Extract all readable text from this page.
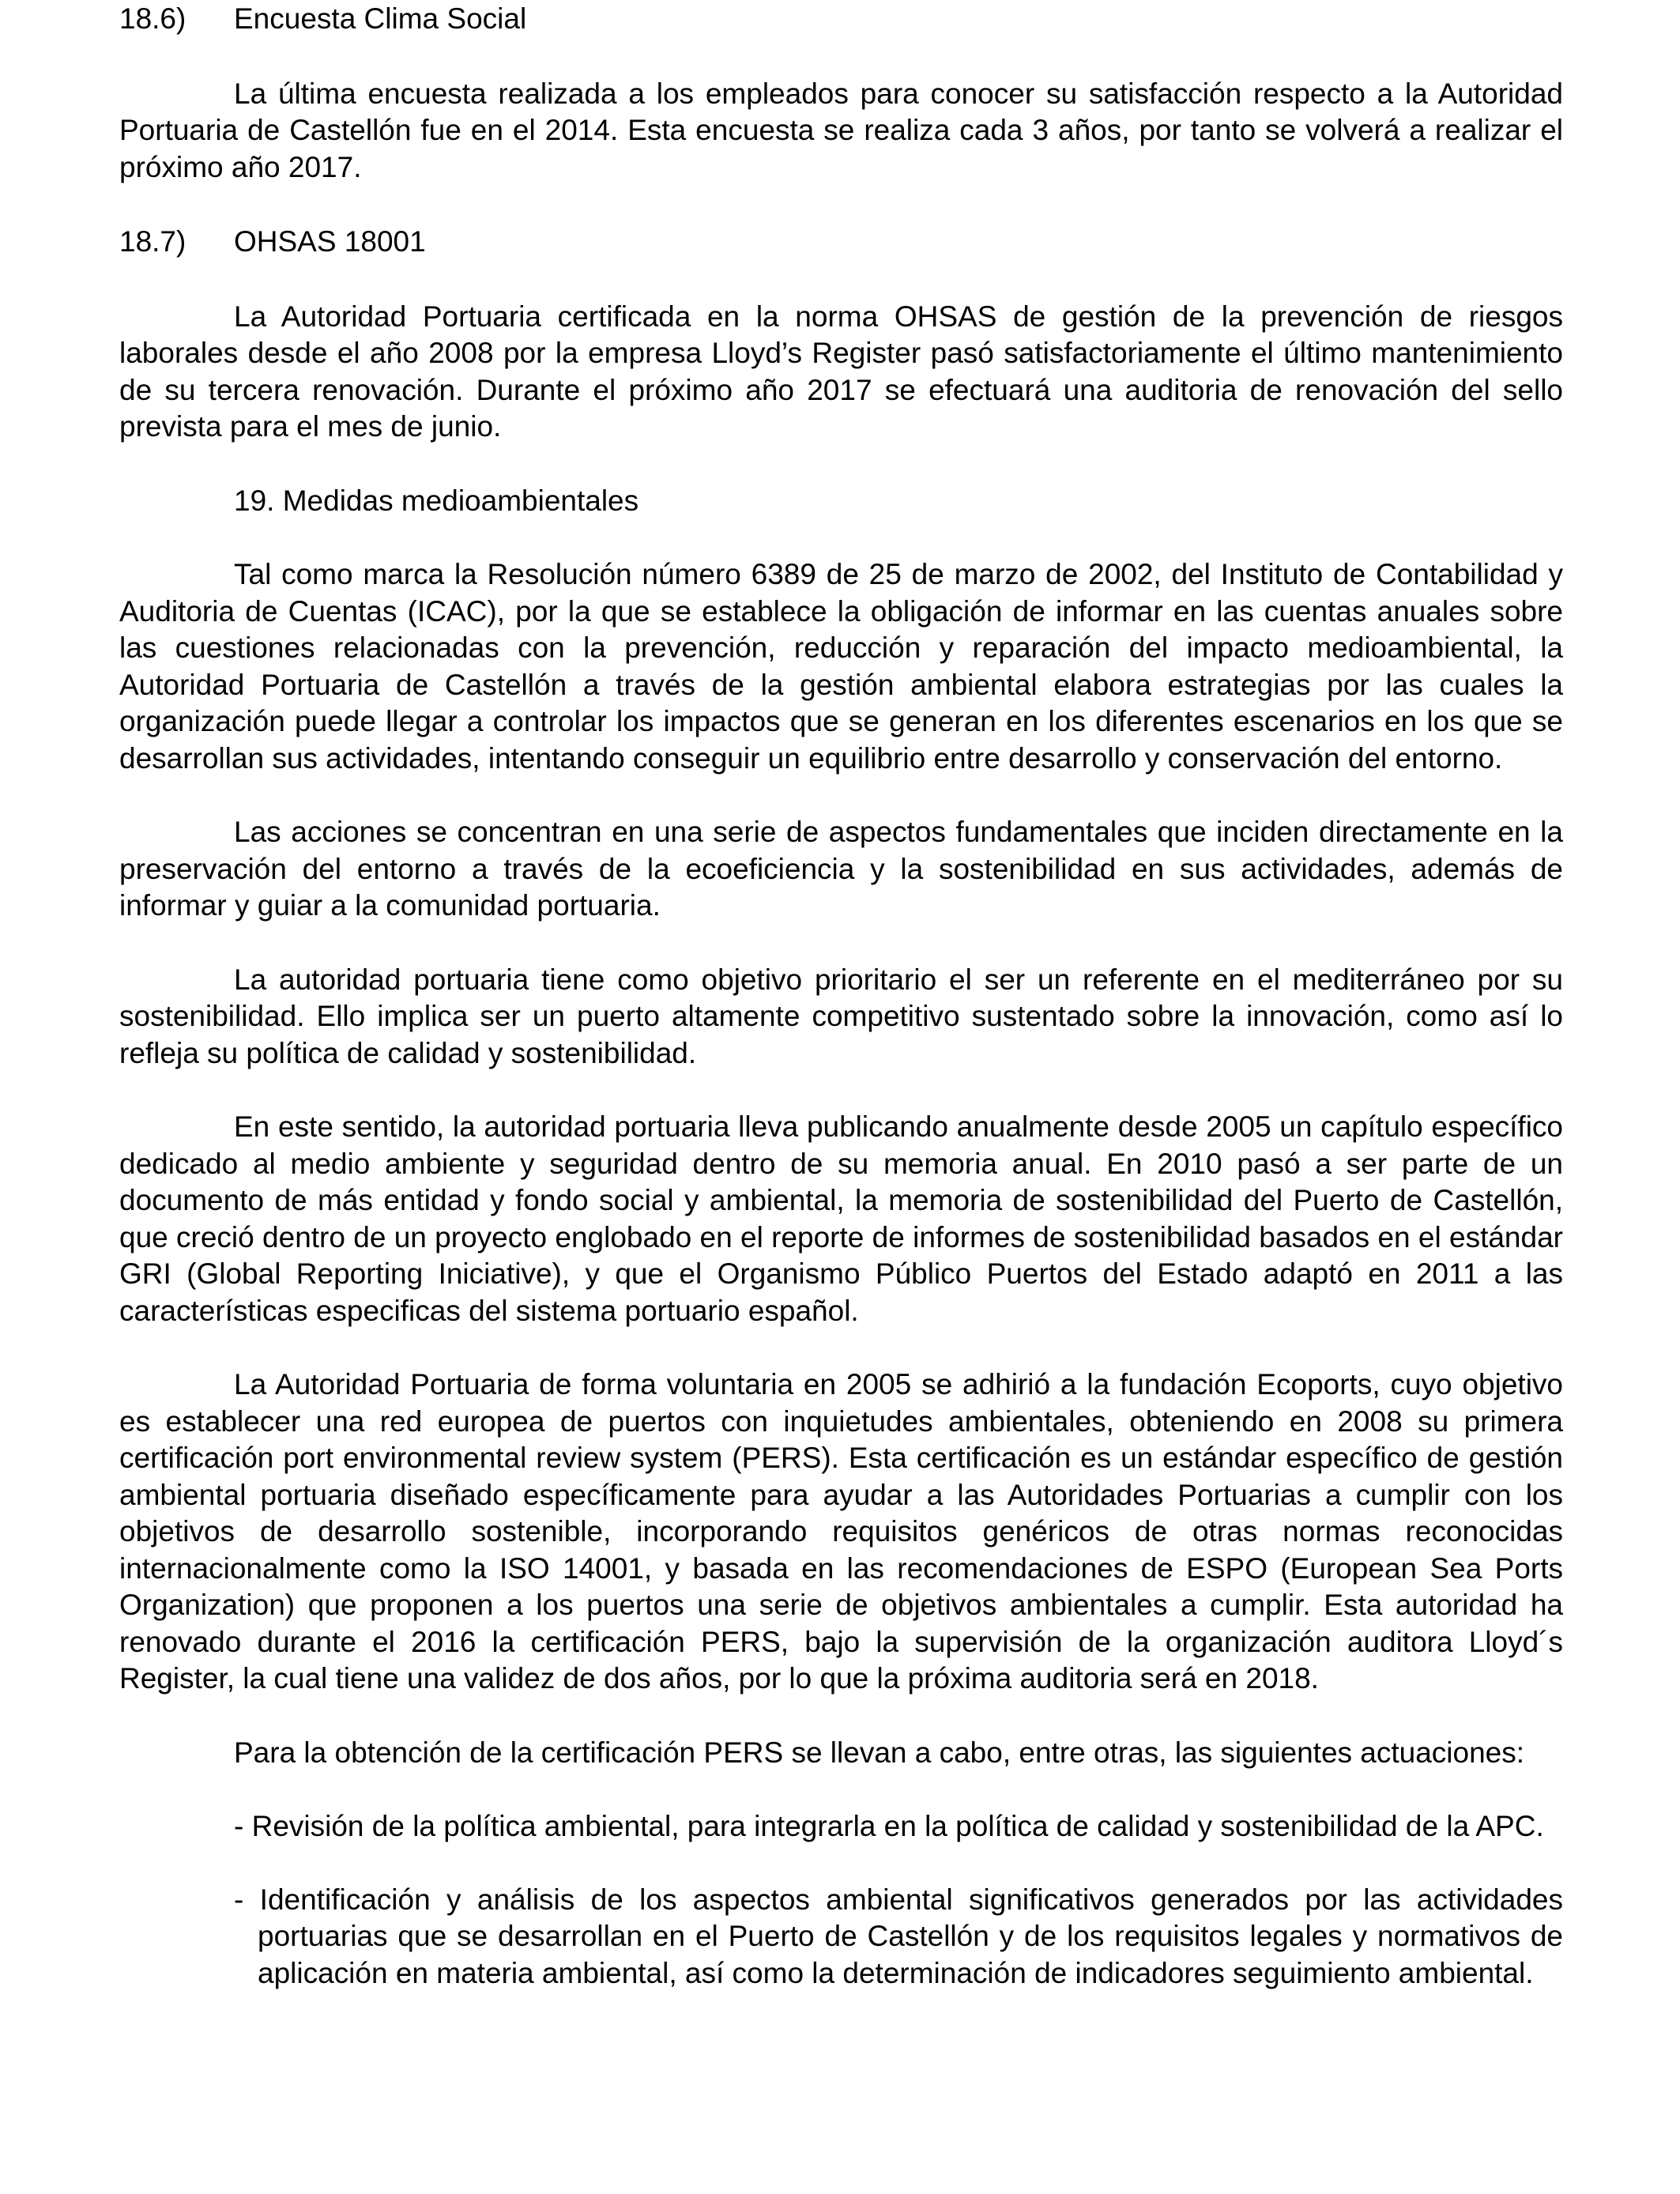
18.6) Encuesta Clima Social

La última encuesta realizada a los empleados para conocer su satisfacción respecto a la Autoridad Portuaria de Castellón fue en el 2014. Esta encuesta se realiza cada 3 años, por tanto se volverá a realizar el próximo año 2017.

18.7) OHSAS 18001

La Autoridad Portuaria certificada en la norma OHSAS de gestión de la prevención de riesgos laborales desde el año 2008 por la empresa Lloyd’s Register pasó satisfactoriamente el último mantenimiento de su tercera renovación. Durante el próximo año 2017 se efectuará una auditoria de renovación del sello prevista para el mes de junio.

19. Medidas medioambientales

Tal como marca la Resolución número 6389 de 25 de marzo de 2002, del Instituto de Contabilidad y Auditoria de Cuentas (ICAC), por la que se establece la obligación de informar en las cuentas anuales sobre las cuestiones relacionadas con la prevención, reducción y reparación del impacto medioambiental, la Autoridad Portuaria de Castellón a través de la gestión ambiental elabora estrategias por las cuales la organización puede llegar a controlar los impactos que se generan en los diferentes escenarios en los que se desarrollan sus actividades, intentando conseguir un equilibrio entre desarrollo y conservación del entorno.

Las acciones se concentran en una serie de aspectos fundamentales que inciden directamente en la preservación del entorno a través de la ecoeficiencia y la sostenibilidad en sus actividades, además de informar y guiar a la comunidad portuaria.

La autoridad portuaria tiene como objetivo prioritario el ser un referente en el mediterráneo por su sostenibilidad. Ello implica ser un puerto altamente competitivo sustentado sobre la innovación, como así lo refleja su política de calidad y sostenibilidad.

En este sentido, la autoridad portuaria lleva publicando anualmente desde 2005 un capítulo específico dedicado al medio ambiente y seguridad dentro de su memoria anual. En 2010 pasó a ser parte de un documento de más entidad y fondo social y ambiental, la memoria de sostenibilidad del Puerto de Castellón, que creció dentro de un proyecto englobado en el reporte de informes de sostenibilidad basados en el estándar GRI (Global Reporting Iniciative), y que el Organismo Público Puertos del Estado adaptó en 2011 a las características especificas del sistema portuario español.

La Autoridad Portuaria de forma voluntaria en 2005 se adhirió a la fundación Ecoports, cuyo objetivo es establecer una red europea de puertos con inquietudes ambientales, obteniendo en 2008 su primera certificación port environmental review system (PERS). Esta certificación es un estándar específico de gestión ambiental portuaria diseñado específicamente para ayudar a las Autoridades Portuarias a cumplir con los objetivos de desarrollo sostenible, incorporando requisitos genéricos de otras normas reconocidas internacionalmente como la ISO 14001, y basada en las recomendaciones de ESPO (European Sea Ports Organization) que proponen a los puertos una serie de objetivos ambientales a cumplir. Esta autoridad ha renovado durante el 2016 la certificación PERS, bajo la supervisión de la organización auditora Lloyd´s Register, la cual tiene una validez de dos años, por lo que la próxima auditoria será en 2018.

Para la obtención de la certificación PERS se llevan a cabo, entre otras, las siguientes actuaciones:

- Revisión de la política ambiental, para integrarla en la política de calidad y sostenibilidad de la APC.
- Identificación y análisis de los aspectos ambiental significativos generados por las actividades portuarias que se desarrollan en el Puerto de Castellón y de los requisitos legales y normativos de aplicación en materia ambiental, así como la determinación de indicadores seguimiento ambiental.
